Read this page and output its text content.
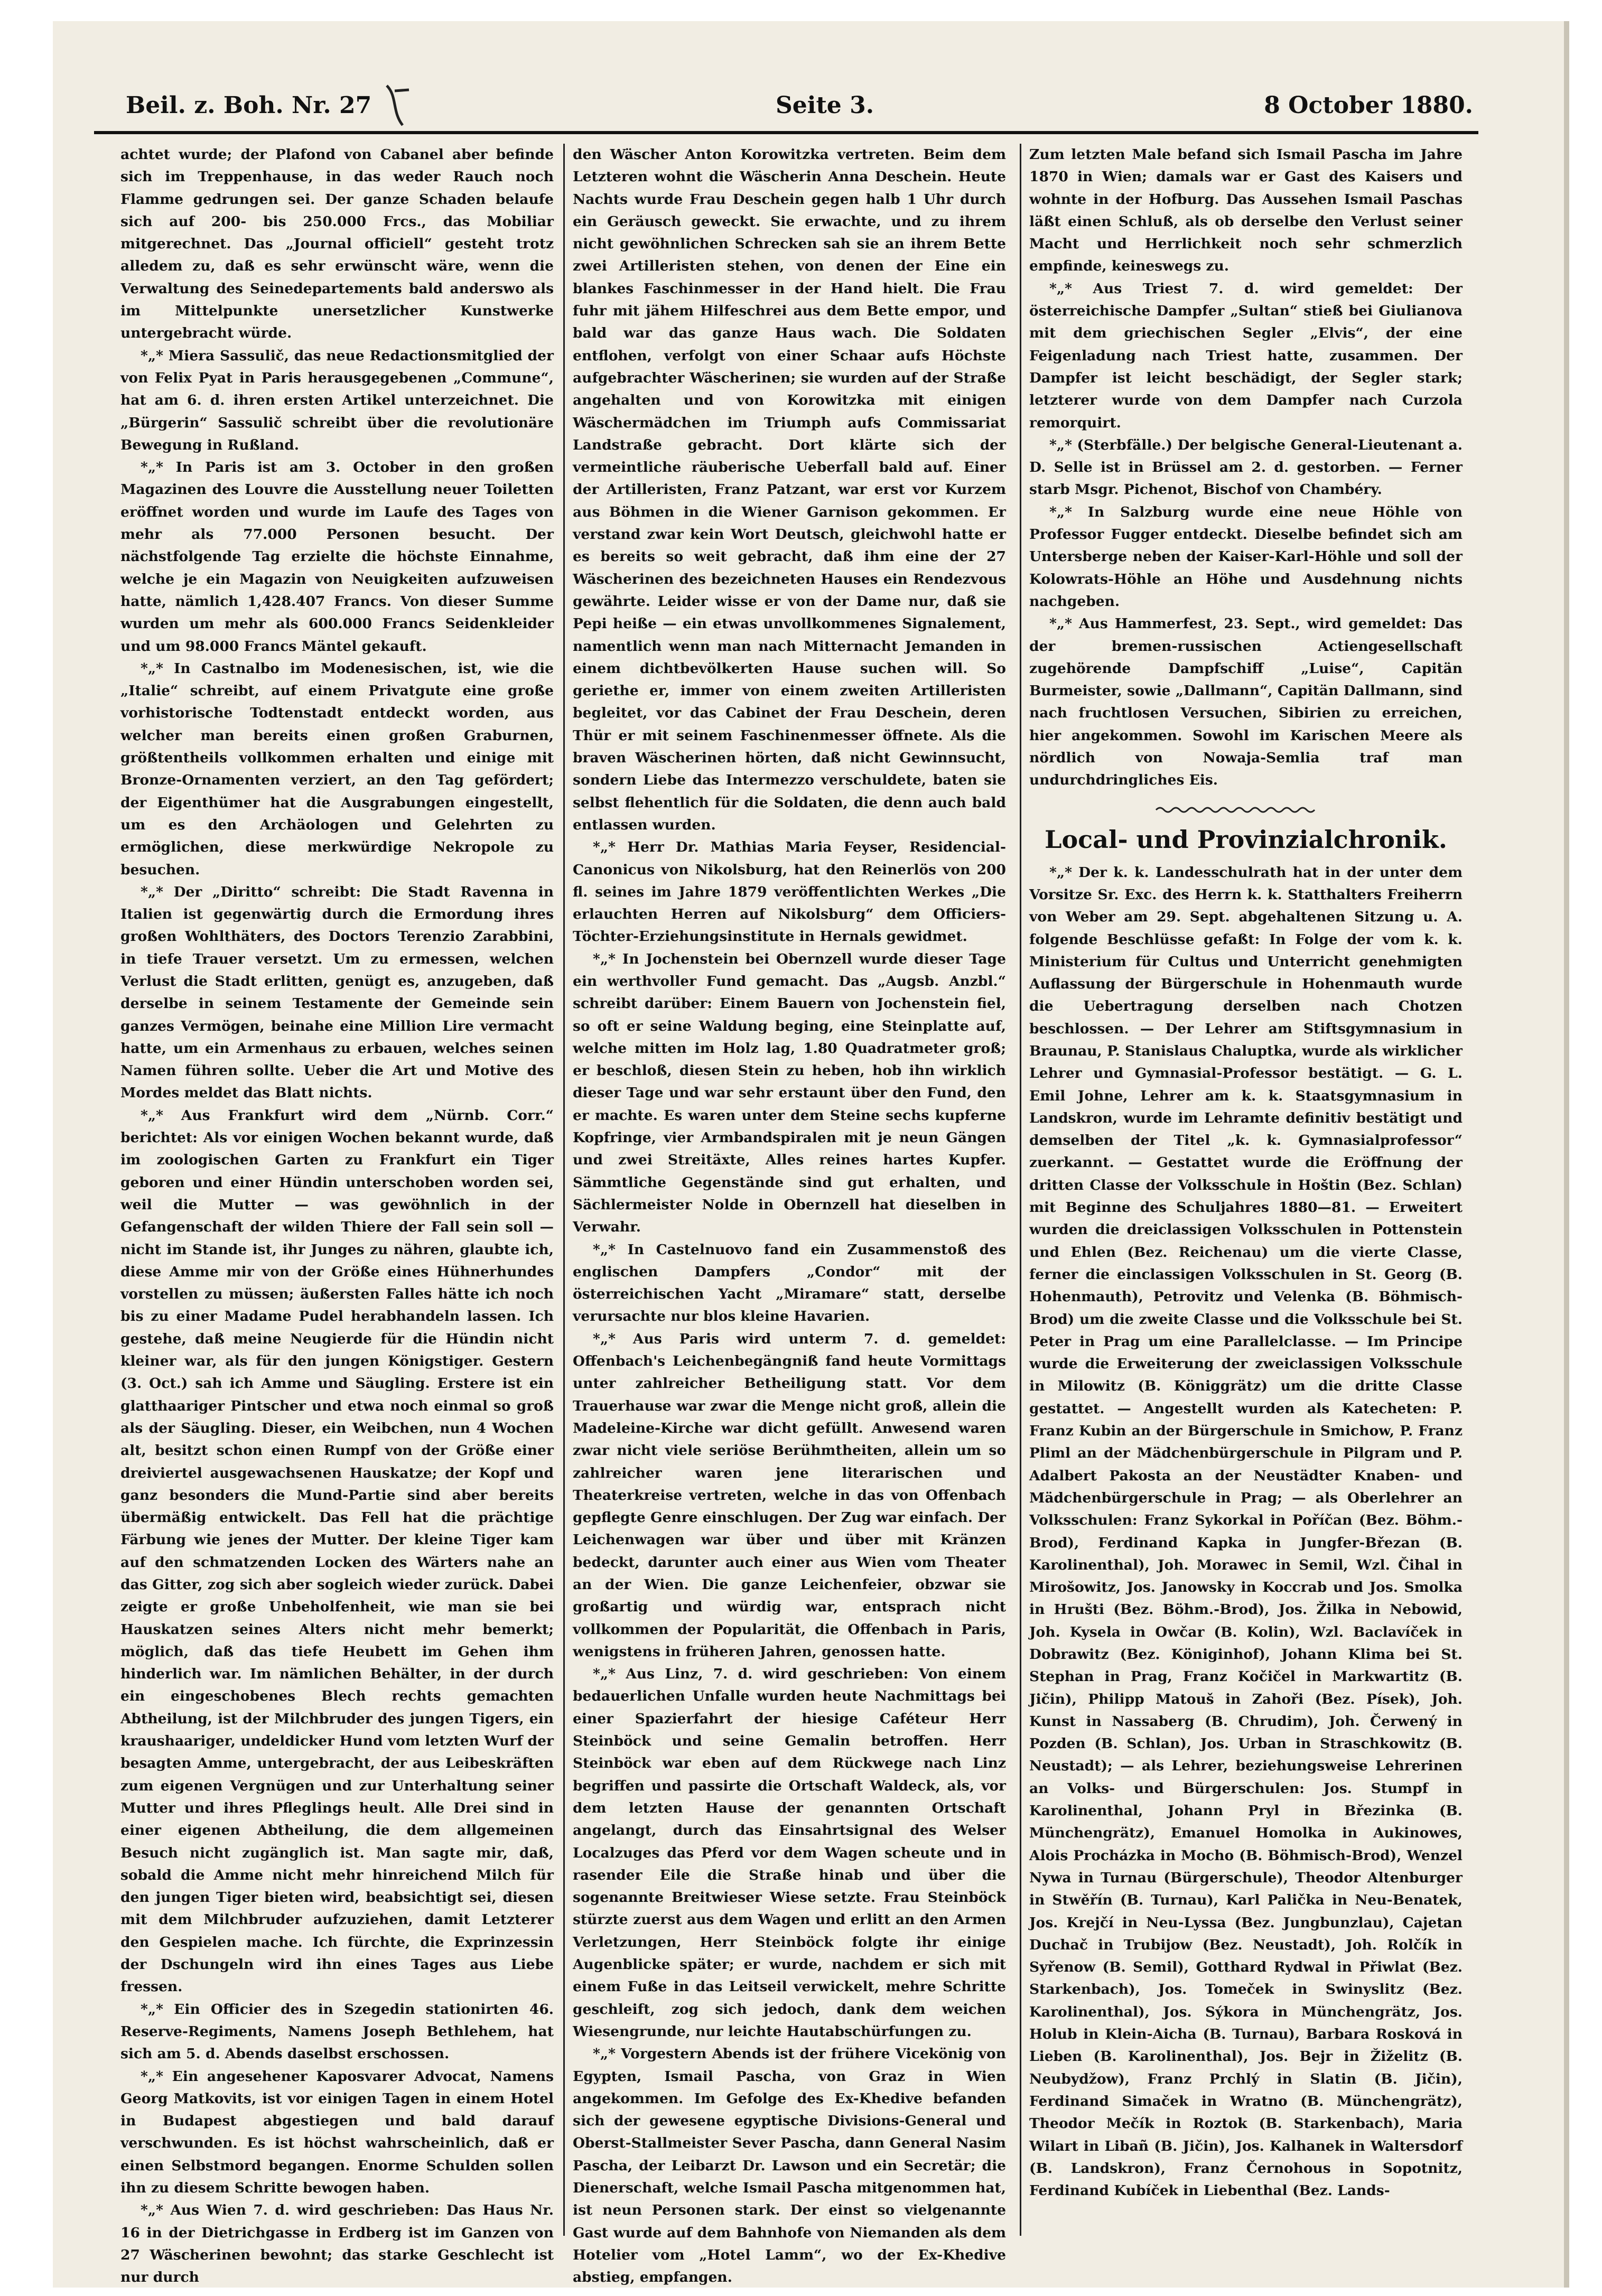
Beil. z. Boh. Nr. 27	Seite 3.	8 October 1880.

achtet wurde; der Plafond von Cabanel aber befinde sich im Treppenhause, in das weder Rauch noch Flamme gedrungen sei. Der ganze Schaden belaufe sich auf 200- bis 250.000 Frcs., das Mobiliar mitgerechnet. Das „Journal officiell“ gesteht trotz alledem zu, daß es sehr erwünscht wäre, wenn die Verwaltung des Seinedepartements bald anderswo als im Mittelpunkte unersetzlicher Kunstwerke untergebracht würde.

*„* Miera Sassulič, das neue Redactionsmitglied der von Felix Pyat in Paris herausgegebenen „Commune“, hat am 6. d. ihren ersten Artikel unterzeichnet. Die „Bürgerin“ Sassulič schreibt über die revolutionäre Bewegung in Rußland.

*„* In Paris ist am 3. October in den großen Magazinen des Louvre die Ausstellung neuer Toiletten eröffnet worden und wurde im Laufe des Tages von mehr als 77.000 Personen besucht. Der nächstfolgende Tag erzielte die höchste Einnahme, welche je ein Magazin von Neuigkeiten aufzuweisen hatte, nämlich 1,428.407 Francs. Von dieser Summe wurden um mehr als 600.000 Francs Seidenkleider und um 98.000 Francs Mäntel gekauft.

*„* In Castnalbo im Modenesischen, ist, wie die „Italie“ schreibt, auf einem Privatgute eine große vorhistorische Todtenstadt entdeckt worden, aus welcher man bereits einen großen Graburnen, größtentheils vollkommen erhalten und einige mit Bronze-Ornamenten verziert, an den Tag gefördert; der Eigenthümer hat die Ausgrabungen eingestellt, um es den Archäologen und Gelehrten zu ermöglichen, diese merkwürdige Nekropole zu besuchen.

*„* Der „Diritto“ schreibt: Die Stadt Ravenna in Italien ist gegenwärtig durch die Ermordung ihres großen Wohlthäters, des Doctors Terenzio Zarabbini, in tiefe Trauer versetzt. Um zu ermessen, welchen Verlust die Stadt erlitten, genügt es, anzugeben, daß derselbe in seinem Testamente der Gemeinde sein ganzes Vermögen, beinahe eine Million Lire vermacht hatte, um ein Armenhaus zu erbauen, welches seinen Namen führen sollte. Ueber die Art und Motive des Mordes meldet das Blatt nichts.

*„* Aus Frankfurt wird dem „Nürnb. Corr.“ berichtet: Als vor einigen Wochen bekannt wurde, daß im zoologischen Garten zu Frankfurt ein Tiger geboren und einer Hündin unterschoben worden sei, weil die Mutter — was gewöhnlich in der Gefangenschaft der wilden Thiere der Fall sein soll — nicht im Stande ist, ihr Junges zu nähren, glaubte ich, diese Amme mir von der Größe eines Hühnerhundes vorstellen zu müssen; äußersten Falles hätte ich noch bis zu einer Madame Pudel herabhandeln lassen. Ich gestehe, daß meine Neugierde für die Hündin nicht kleiner war, als für den jungen Königstiger. Gestern (3. Oct.) sah ich Amme und Säugling. Erstere ist ein glatthaariger Pintscher und etwa noch einmal so groß als der Säugling. Dieser, ein Weibchen, nun 4 Wochen alt, besitzt schon einen Rumpf von der Größe einer dreiviertel ausgewachsenen Hauskatze; der Kopf und ganz besonders die Mund-Partie sind aber bereits übermäßig entwickelt. Das Fell hat die prächtige Färbung wie jenes der Mutter. Der kleine Tiger kam auf den schmatzenden Locken des Wärters nahe an das Gitter, zog sich aber sogleich wieder zurück. Dabei zeigte er große Unbeholfenheit, wie man sie bei Hauskatzen seines Alters nicht mehr bemerkt; möglich, daß das tiefe Heubett im Gehen ihm hinderlich war. Im nämlichen Behälter, in der durch ein eingeschobenes Blech rechts gemachten Abtheilung, ist der Milchbruder des jungen Tigers, ein kraushaariger, undeldicker Hund vom letzten Wurf der besagten Amme, untergebracht, der aus Leibeskräften zum eigenen Vergnügen und zur Unterhaltung seiner Mutter und ihres Pfleglings heult. Alle Drei sind in einer eigenen Abtheilung, die dem allgemeinen Besuch nicht zugänglich ist. Man sagte mir, daß, sobald die Amme nicht mehr hinreichend Milch für den jungen Tiger bieten wird, beabsichtigt sei, diesen mit dem Milchbruder aufzuziehen, damit Letzterer den Gespielen mache. Ich fürchte, die Exprinzessin der Dschungeln wird ihn eines Tages aus Liebe fressen.

*„* Ein Officier des in Szegedin stationirten 46. Reserve-Regiments, Namens Joseph Bethlehem, hat sich am 5. d. Abends daselbst erschossen.

*„* Ein angesehener Kaposvarer Advocat, Namens Georg Matkovits, ist vor einigen Tagen in einem Hotel in Budapest abgestiegen und bald darauf verschwunden. Es ist höchst wahrscheinlich, daß er einen Selbstmord begangen. Enorme Schulden sollen ihn zu diesem Schritte bewogen haben.

*„* Aus Wien 7. d. wird geschrieben: Das Haus Nr. 16 in der Dietrichgasse in Erdberg ist im Ganzen von 27 Wäscherinen bewohnt; das starke Geschlecht ist nur durch

den Wäscher Anton Korowitzka vertreten. Beim dem Letzteren wohnt die Wäscherin Anna Deschein. Heute Nachts wurde Frau Deschein gegen halb 1 Uhr durch ein Geräusch geweckt. Sie erwachte, und zu ihrem nicht gewöhnlichen Schrecken sah sie an ihrem Bette zwei Artilleristen stehen, von denen der Eine ein blankes Faschinmesser in der Hand hielt. Die Frau fuhr mit jähem Hilfeschrei aus dem Bette empor, und bald war das ganze Haus wach. Die Soldaten entflohen, verfolgt von einer Schaar aufs Höchste aufgebrachter Wäscherinen; sie wurden auf der Straße angehalten und von Korowitzka mit einigen Wäschermädchen im Triumph aufs Commissariat Landstraße gebracht. Dort klärte sich der vermeintliche räuberische Ueberfall bald auf. Einer der Artilleristen, Franz Patzant, war erst vor Kurzem aus Böhmen in die Wiener Garnison gekommen. Er verstand zwar kein Wort Deutsch, gleichwohl hatte er es bereits so weit gebracht, daß ihm eine der 27 Wäscherinen des bezeichneten Hauses ein Rendezvous gewährte. Leider wisse er von der Dame nur, daß sie Pepi heiße — ein etwas unvollkommenes Signalement, namentlich wenn man nach Mitternacht Jemanden in einem dichtbevölkerten Hause suchen will. So geriethe er, immer von einem zweiten Artilleristen begleitet, vor das Cabinet der Frau Deschein, deren Thür er mit seinem Faschinenmesser öffnete. Als die braven Wäscherinen hörten, daß nicht Gewinnsucht, sondern Liebe das Intermezzo verschuldete, baten sie selbst flehentlich für die Soldaten, die denn auch bald entlassen wurden.

*„* Herr Dr. Mathias Maria Feyser, Residencial-Canonicus von Nikolsburg, hat den Reinerlös von 200 fl. seines im Jahre 1879 veröffentlichten Werkes „Die erlauchten Herren auf Nikolsburg“ dem Officiers-Töchter-Erziehungsinstitute in Hernals gewidmet.

*„* In Jochenstein bei Obernzell wurde dieser Tage ein werthvoller Fund gemacht. Das „Augsb. Anzbl.“ schreibt darüber: Einem Bauern von Jochenstein fiel, so oft er seine Waldung beging, eine Steinplatte auf, welche mitten im Holz lag, 1.80 Quadratmeter groß; er beschloß, diesen Stein zu heben, hob ihn wirklich dieser Tage und war sehr erstaunt über den Fund, den er machte. Es waren unter dem Steine sechs kupferne Kopfringe, vier Armbandspiralen mit je neun Gängen und zwei Streitäxte, Alles reines hartes Kupfer. Sämmtliche Gegenstände sind gut erhalten, und Sächlermeister Nolde in Obernzell hat dieselben in Verwahr.

*„* In Castelnuovo fand ein Zusammenstoß des englischen Dampfers „Condor“ mit der österreichischen Yacht „Miramare“ statt, derselbe verursachte nur blos kleine Havarien.

*„* Aus Paris wird unterm 7. d. gemeldet: Offenbach's Leichenbegängniß fand heute Vormittags unter zahlreicher Betheiligung statt. Vor dem Trauerhause war zwar die Menge nicht groß, allein die Madeleine-Kirche war dicht gefüllt. Anwesend waren zwar nicht viele seriöse Berühmtheiten, allein um so zahlreicher waren jene literarischen und Theaterkreise vertreten, welche in das von Offenbach gepflegte Genre einschlugen. Der Zug war einfach. Der Leichenwagen war über und über mit Kränzen bedeckt, darunter auch einer aus Wien vom Theater an der Wien. Die ganze Leichenfeier, obzwar sie großartig und würdig war, entsprach nicht vollkommen der Popularität, die Offenbach in Paris, wenigstens in früheren Jahren, genossen hatte.

*„* Aus Linz, 7. d. wird geschrieben: Von einem bedauerlichen Unfalle wurden heute Nachmittags bei einer Spazierfahrt der hiesige Caféteur Herr Steinböck und seine Gemalin betroffen. Herr Steinböck war eben auf dem Rückwege nach Linz begriffen und passirte die Ortschaft Waldeck, als, vor dem letzten Hause der genannten Ortschaft angelangt, durch das Einsahrtsignal des Welser Localzuges das Pferd vor dem Wagen scheute und in rasender Eile die Straße hinab und über die sogenannte Breitwieser Wiese setzte. Frau Steinböck stürzte zuerst aus dem Wagen und erlitt an den Armen Verletzungen, Herr Steinböck folgte ihr einige Augenblicke später; er wurde, nachdem er sich mit einem Fuße in das Leitseil verwickelt, mehre Schritte geschleift, zog sich jedoch, dank dem weichen Wiesengrunde, nur leichte Hautabschürfungen zu.

*„* Vorgestern Abends ist der frühere Vicekönig von Egypten, Ismail Pascha, von Graz in Wien angekommen. Im Gefolge des Ex-Khedive befanden sich der gewesene egyptische Divisions-General und Oberst-Stallmeister Sever Pascha, dann General Nasim Pascha, der Leibarzt Dr. Lawson und ein Secretär; die Dienerschaft, welche Ismail Pascha mitgenommen hat, ist neun Personen stark. Der einst so vielgenannte Gast wurde auf dem Bahnhofe von Niemanden als dem Hotelier vom „Hotel Lamm“, wo der Ex-Khedive abstieg, empfangen.

Zum letzten Male befand sich Ismail Pascha im Jahre 1870 in Wien; damals war er Gast des Kaisers und wohnte in der Hofburg. Das Aussehen Ismail Paschas läßt einen Schluß, als ob derselbe den Verlust seiner Macht und Herrlichkeit noch sehr schmerzlich empfinde, keineswegs zu.

*„* Aus Triest 7. d. wird gemeldet: Der österreichische Dampfer „Sultan“ stieß bei Giulianova mit dem griechischen Segler „Elvis“, der eine Feigenladung nach Triest hatte, zusammen. Der Dampfer ist leicht beschädigt, der Segler stark; letzterer wurde von dem Dampfer nach Curzola remorquirt.

*„* (Sterbfälle.) Der belgische General-Lieutenant a. D. Selle ist in Brüssel am 2. d. gestorben. — Ferner starb Msgr. Pichenot, Bischof von Chambéry.

*„* In Salzburg wurde eine neue Höhle von Professor Fugger entdeckt. Dieselbe befindet sich am Untersberge neben der Kaiser-Karl-Höhle und soll der Kolowrats-Höhle an Höhe und Ausdehnung nichts nachgeben.

*„* Aus Hammerfest, 23. Sept., wird gemeldet: Das der bremen-russischen Actiengesellschaft zugehörende Dampfschiff „Luise“, Capitän Burmeister, sowie „Dallmann“, Capitän Dallmann, sind nach fruchtlosen Versuchen, Sibirien zu erreichen, hier angekommen. Sowohl im Karischen Meere als nördlich von Nowaja-Semlia traf man undurchdringliches Eis.

Local- und Provinzialchronik.

*„* Der k. k. Landesschulrath hat in der unter dem Vorsitze Sr. Exc. des Herrn k. k. Statthalters Freiherrn von Weber am 29. Sept. abgehaltenen Sitzung u. A. folgende Beschlüsse gefaßt: In Folge der vom k. k. Ministerium für Cultus und Unterricht genehmigten Auflassung der Bürgerschule in Hohenmauth wurde die Uebertragung derselben nach Chotzen beschlossen. — Der Lehrer am Stiftsgymnasium in Braunau, P. Stanislaus Chaluptka, wurde als wirklicher Lehrer und Gymnasial-Professor bestätigt. — G. L. Emil Johne, Lehrer am k. k. Staatsgymnasium in Landskron, wurde im Lehramte definitiv bestätigt und demselben der Titel „k. k. Gymnasialprofessor“ zuerkannt. — Gestattet wurde die Eröffnung der dritten Classe der Volksschule in Hoštin (Bez. Schlan) mit Beginne des Schuljahres 1880—81. — Erweitert wurden die dreiclassigen Volksschulen in Pottenstein und Ehlen (Bez. Reichenau) um die vierte Classe, ferner die einclassigen Volksschulen in St. Georg (B. Hohenmauth), Petrovitz und Velenka (B. Böhmisch-Brod) um die zweite Classe und die Volksschule bei St. Peter in Prag um eine Parallelclasse. — Im Principe wurde die Erweiterung der zweiclassigen Volksschule in Milowitz (B. Königgrätz) um die dritte Classe gestattet. — Angestellt wurden als Katecheten: P. Franz Kubin an der Bürgerschule in Smichow, P. Franz Pliml an der Mädchenbürgerschule in Pilgram und P. Adalbert Pakosta an der Neustädter Knaben- und Mädchenbürgerschule in Prag; — als Oberlehrer an Volksschulen: Franz Sykorkal in Poříčan (Bez. Böhm.-Brod), Ferdinand Kapka in Jungfer-Březan (B. Karolinenthal), Joh. Morawec in Semil, Wzl. Čihal in Mirošowitz, Jos. Janowsky in Koccrab und Jos. Smolka in Hrušti (Bez. Böhm.-Brod), Jos. Žilka in Nebowid, Joh. Kysela in Owčar (B. Kolin), Wzl. Baclavíček in Dobrawitz (Bez. Königinhof), Johann Klima bei St. Stephan in Prag, Franz Kočičel in Markwartitz (B. Jičin), Philipp Matouš in Zahoři (Bez. Písek), Joh. Kunst in Nassaberg (B. Chrudim), Joh. Čerwený in Pozden (B. Schlan), Jos. Urban in Straschkowitz (B. Neustadt); — als Lehrer, beziehungsweise Lehrerinen an Volks- und Bürgerschulen: Jos. Stumpf in Karolinenthal, Johann Pryl in Březinka (B. Münchengrätz), Emanuel Homolka in Aukinowes, Alois Procházka in Mocho (B. Böhmisch-Brod), Wenzel Nywa in Turnau (Bürgerschule), Theodor Altenburger in Stwěřín (B. Turnau), Karl Palička in Neu-Benatek, Jos. Krejčí in Neu-Lyssa (Bez. Jungbunzlau), Cajetan Duchač in Trubijow (Bez. Neustadt), Joh. Rolčík in Syřenow (B. Semil), Gotthard Rydwal in Přiwlat (Bez. Starkenbach), Jos. Tomeček in Swinyslitz (Bez. Karolinenthal), Jos. Sýkora in Münchengrätz, Jos. Holub in Klein-Aicha (B. Turnau), Barbara Rosková in Lieben (B. Karolinenthal), Jos. Bejr in Žiželitz (B. Neubydžow), Franz Prchlý in Slatin (B. Jičin), Ferdinand Simaček in Wratno (B. Münchengrätz), Theodor Mečík in Roztok (B. Starkenbach), Maria Wilart in Libañ (B. Jičin), Jos. Kalhanek in Waltersdorf (B. Landskron), Franz Černohous in Sopotnitz, Ferdinand Kubíček in Liebenthal (Bez. Lands-
